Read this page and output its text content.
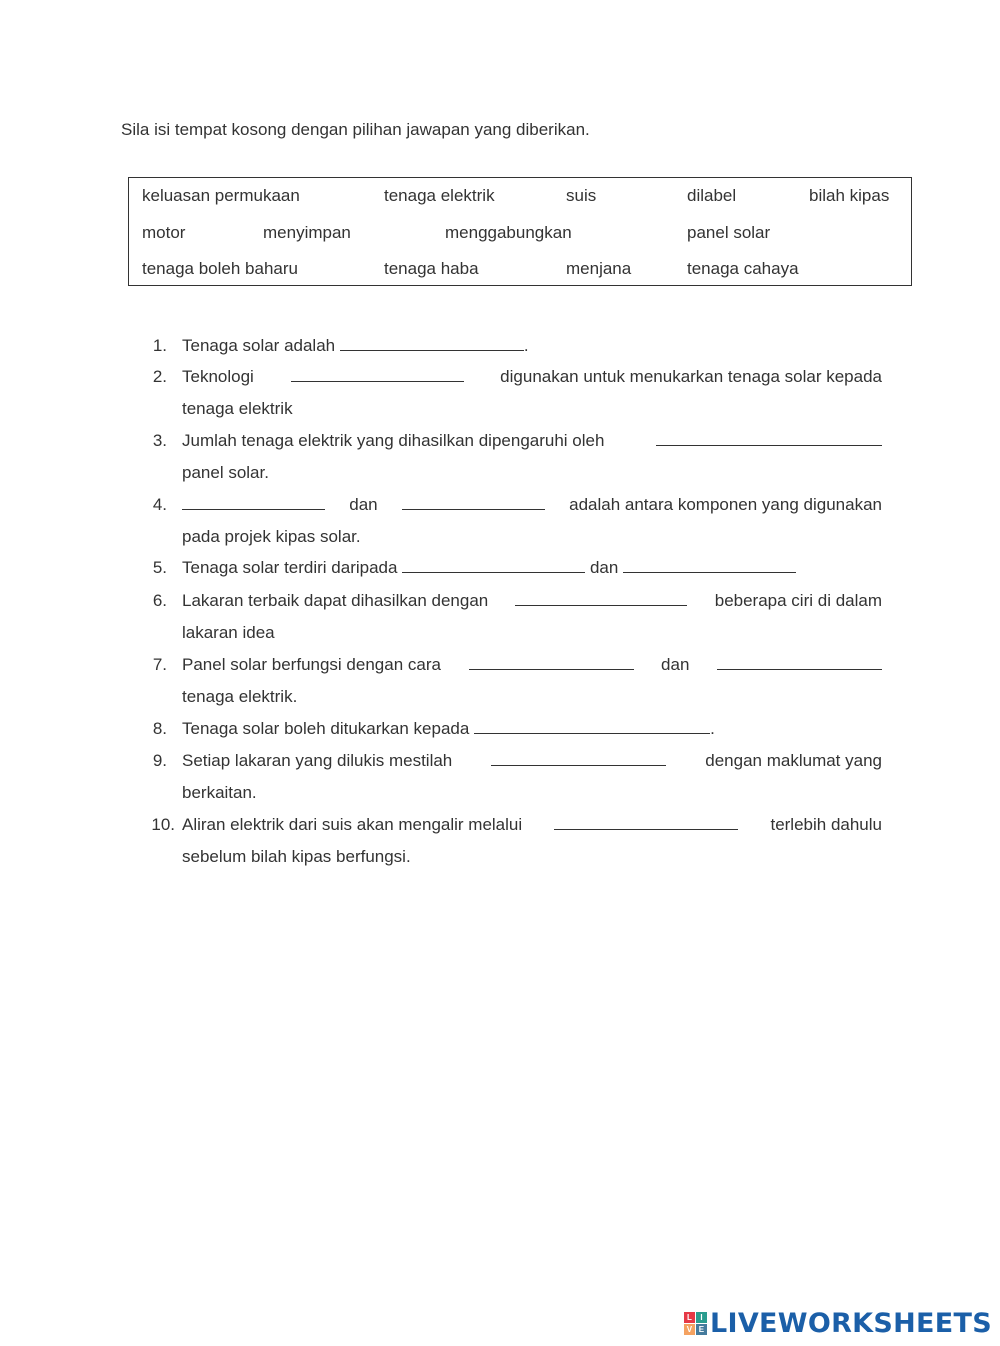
Sila isi tempat kosong dengan pilihan jawapan yang diberikan.
keluasan permukaan	tenaga elektrik	suis	dilabel	bilah kipas
motor	menyimpan	menggabungkan	panel solar
tenaga boleh baharu	tenaga haba	menjana	tenaga cahaya
1. Tenaga solar adalah	.
2. Teknologi	digunakan untuk menukarkan tenaga solar kepada
tenaga elektrik
3. Jumlah tenaga elektrik yang dihasilkan dipengaruhi oleh
panel solar.
4.	dan	adalah antara komponen yang digunakan
pada projek kipas solar.
5. Tenaga solar terdiri daripada	dan
6. Lakaran terbaik dapat dihasilkan dengan	beberapa ciri di dalam
lakaran idea
7. Panel solar berfungsi dengan cara	dan
tenaga elektrik.
8. Tenaga solar boleh ditukarkan kepada	.
9. Setiap lakaran yang dilukis mestilah	dengan maklumat yang
berkaitan.
10. Aliran elektrik dari suis akan mengalir melalui	terlebih dahulu
sebelum bilah kipas berfungsi.
L	I
V E LIVEWORKSHEETS
